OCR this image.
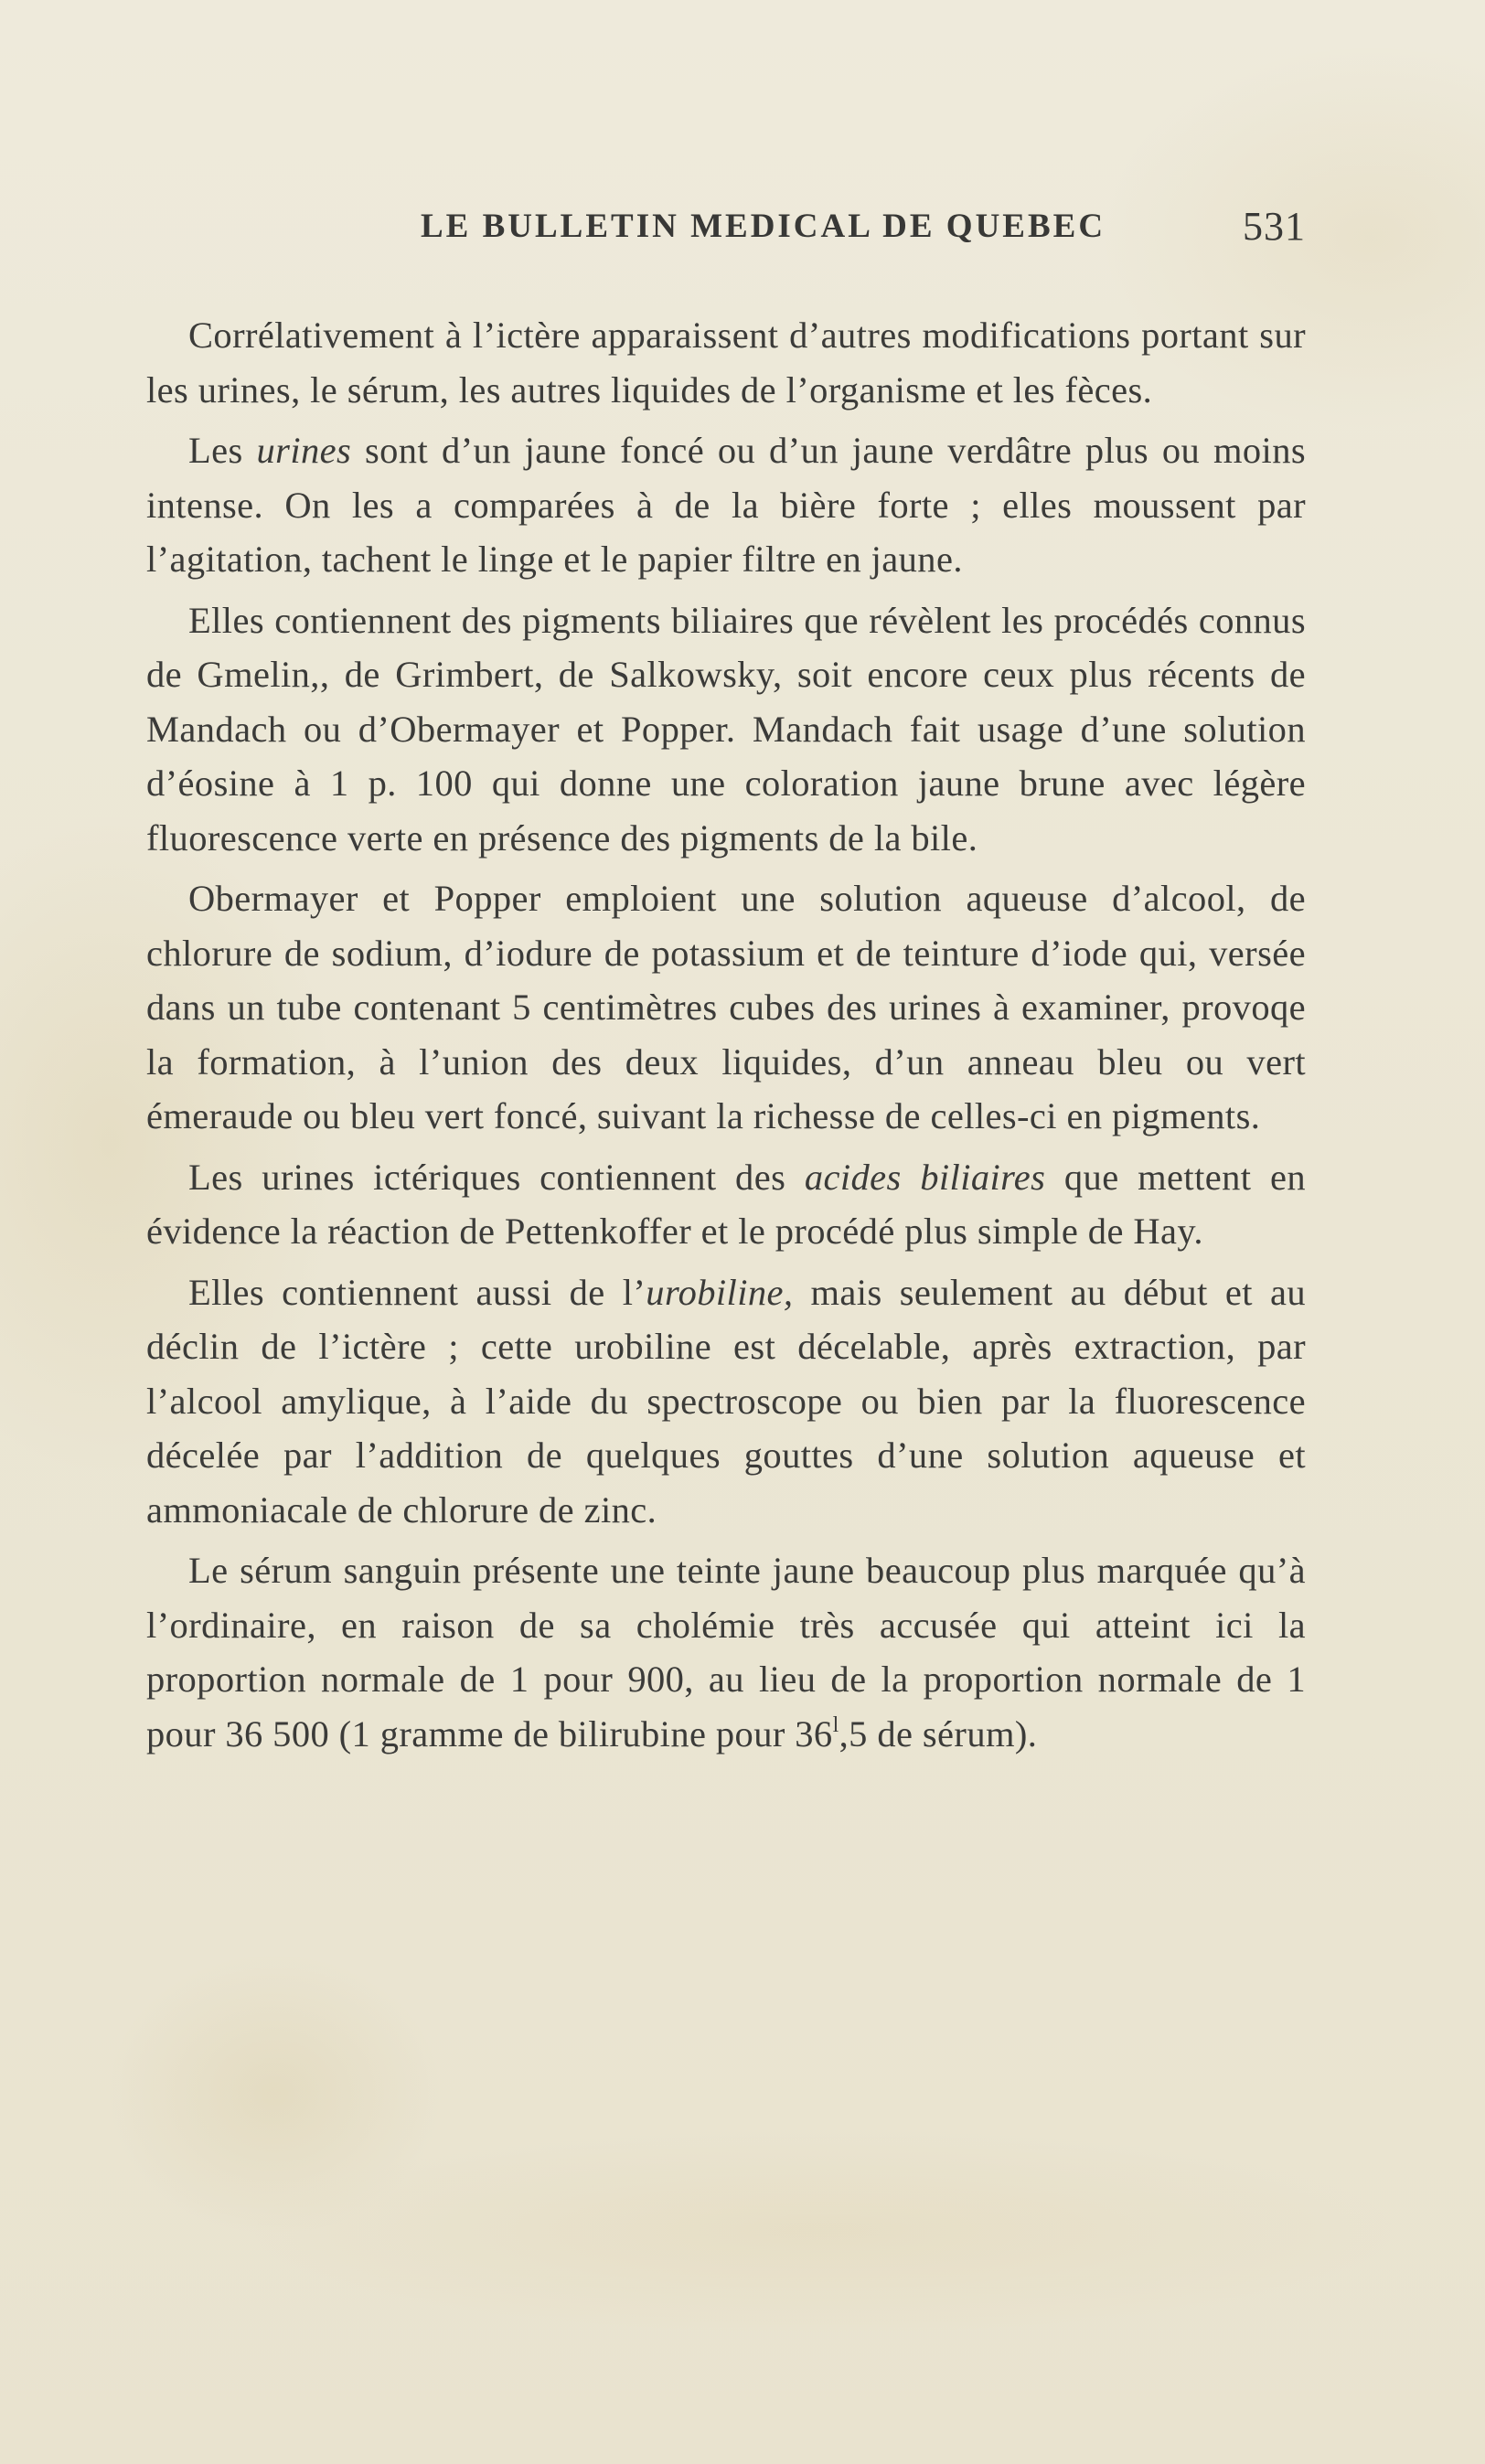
LE BULLETIN MEDICAL DE QUEBEC	531

Corrélativement à l’ictère apparaissent d’autres modifications portant sur les urines, le sérum, les autres liquides de l’organisme et les fèces.

Les urines sont d’un jaune foncé ou d’un jaune verdâtre plus ou moins intense. On les a comparées à de la bière forte ; elles moussent par l’agitation, tachent le linge et le papier filtre en jaune.

Elles contiennent des pigments biliaires que révèlent les procédés connus de Gmelin,, de Grimbert, de Salkowsky, soit encore ceux plus récents de Mandach ou d’Obermayer et Popper. Mandach fait usage d’une solution d’éosine à 1 p. 100 qui donne une coloration jaune brune avec légère fluorescence verte en présence des pigments de la bile.

Obermayer et Popper emploient une solution aqueuse d’alcool, de chlorure de sodium, d’iodure de potassium et de teinture d’iode qui, versée dans un tube contenant 5 centimètres cubes des urines à examiner, provoqe la formation, à l’union des deux liquides, d’un anneau bleu ou vert émeraude ou bleu vert foncé, suivant la richesse de celles-ci en pigments.

Les urines ictériques contiennent des acides biliaires que mettent en évidence la réaction de Pettenkoffer et le procédé plus simple de Hay.

Elles contiennent aussi de l’urobiline, mais seulement au début et au déclin de l’ictère ; cette urobiline est décelable, après extraction, par l’alcool amylique, à l’aide du spectroscope ou bien par la fluorescence décelée par l’addition de quelques gouttes d’une solution aqueuse et ammoniacale de chlorure de zinc.

Le sérum sanguin présente une teinte jaune beaucoup plus marquée qu’à l’ordinaire, en raison de sa cholémie très accusée qui atteint ici la proportion normale de 1 pour 900, au lieu de la proportion normale de 1 pour 36 500 (1 gramme de bilirubine pour 36$^l$,5 de sérum).
